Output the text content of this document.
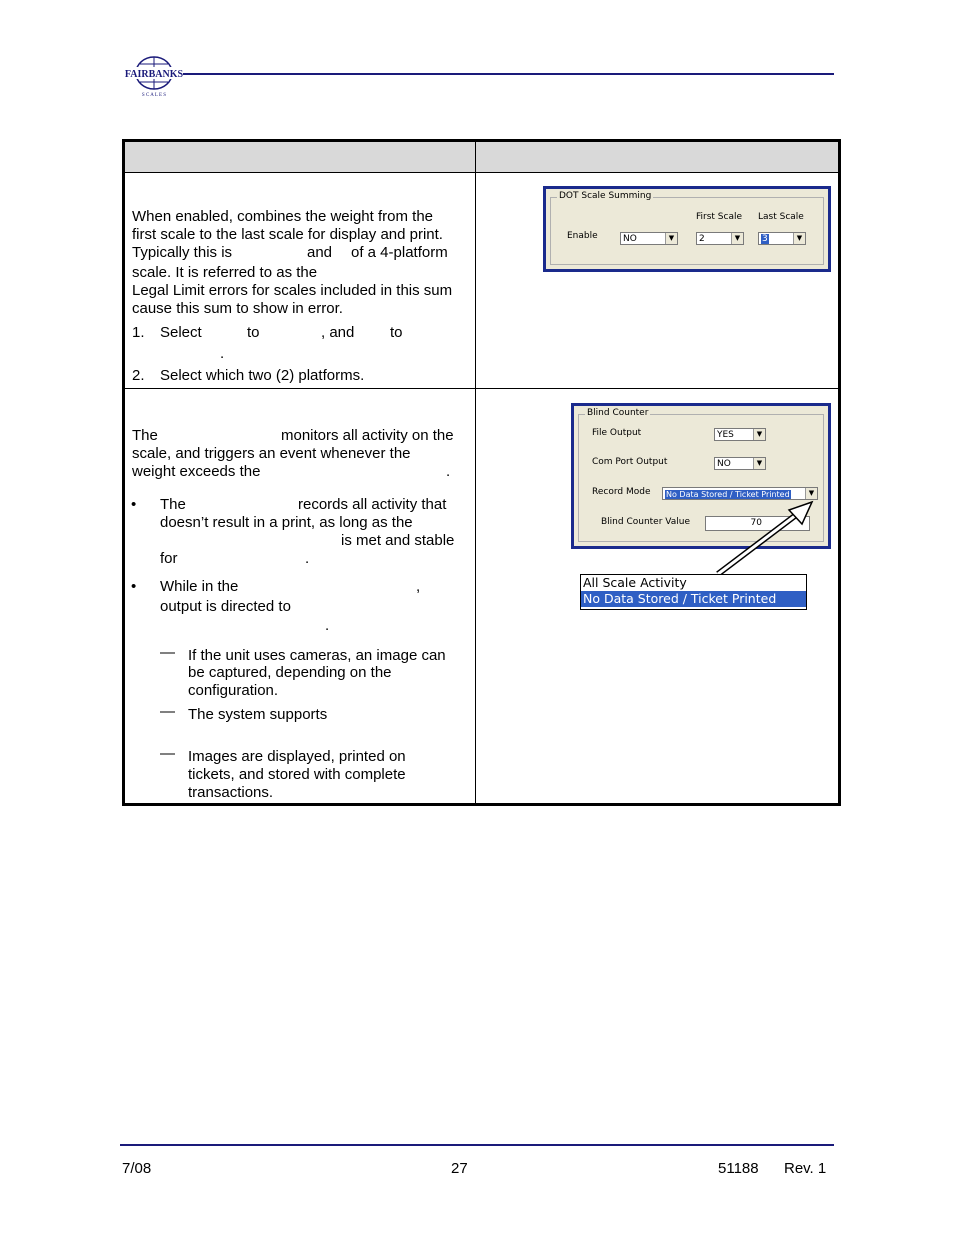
FAIRBANKS
S C A L E S

When enabled, combines the weight from the
first scale to the last scale for display and print.
Typically this is	and of a 4-platform
scale. It is referred to as the
Legal Limit errors for scales included in this sum
cause this sum to show in error.
1. Select	to	, and to
.
2. Select which two (2) platforms.
The	monitors all activity on the
scale, and triggers an event whenever the
weight exceeds the	.
• The	records all activity that
doesn’t result in a print, as long as the
is met and stable
for	.
• While in the	,
output is directed to
.
— If the unit uses cameras, an image can
be captured, depending on the
configuration.
— The system supports
— Images are displayed, printed on
tickets, and stored with complete
transactions.
DOT Scale Summing
First Scale Last Scale
Enable	NO	▼	2	▼	3	▼
Blind Counter
File Output	YES	▼
Com Port Output	NO	▼
Record Mode	No Data Stored / Ticket Printed	▼
Blind Counter Value	70
All Scale Activity
No Data Stored / Ticket Printed
7/08	27	51188 Rev. 1
